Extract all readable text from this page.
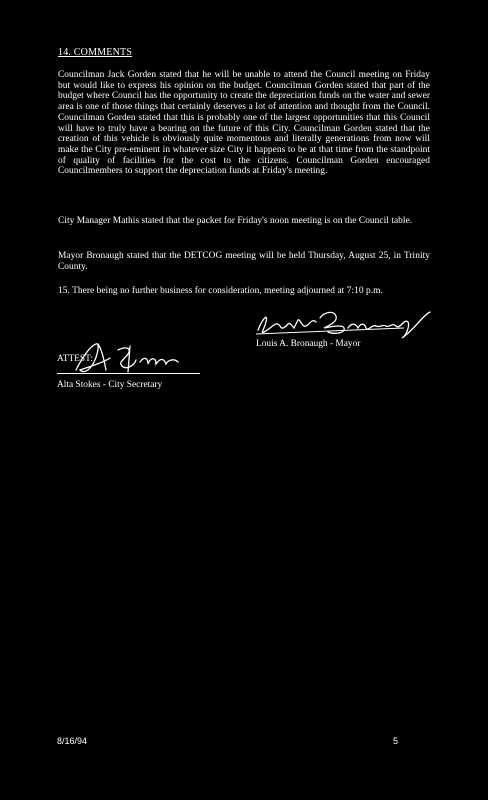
14. COMMENTS
Councilman Jack Gorden stated that he will be unable to attend the Council meeting on Friday but would like to express his opinion on the budget. Councilman Gorden stated that part of the budget where Council has the opportunity to create the depreciation funds on the water and sewer area is one of those things that certainly deserves a lot of attention and thought from the Council. Councilman Gorden stated that this is probably one of the largest opportunities that this Council will have to truly have a bearing on the future of this City. Councilman Gorden stated that the creation of this vehicle is obviously quite momentous and literally generations from now will make the City pre-eminent in whatever size City it happens to be at that time from the standpoint of quality of facilities for the cost to the citizens. Councilman Gorden encouraged Councilmembers to support the depreciation funds at Friday's meeting.
City Manager Mathis stated that the packet for Friday's noon meeting is on the Council table.
Mayor Bronaugh stated that the DETCOG meeting will be held Thursday, August 25, in Trinity County.
15. There being no further business for consideration, meeting adjourned at 7:10 p.m.
Louis A. Bronaugh - Mayor
ATTEST:
Alta Stokes - City Secretary
8/16/94	5
